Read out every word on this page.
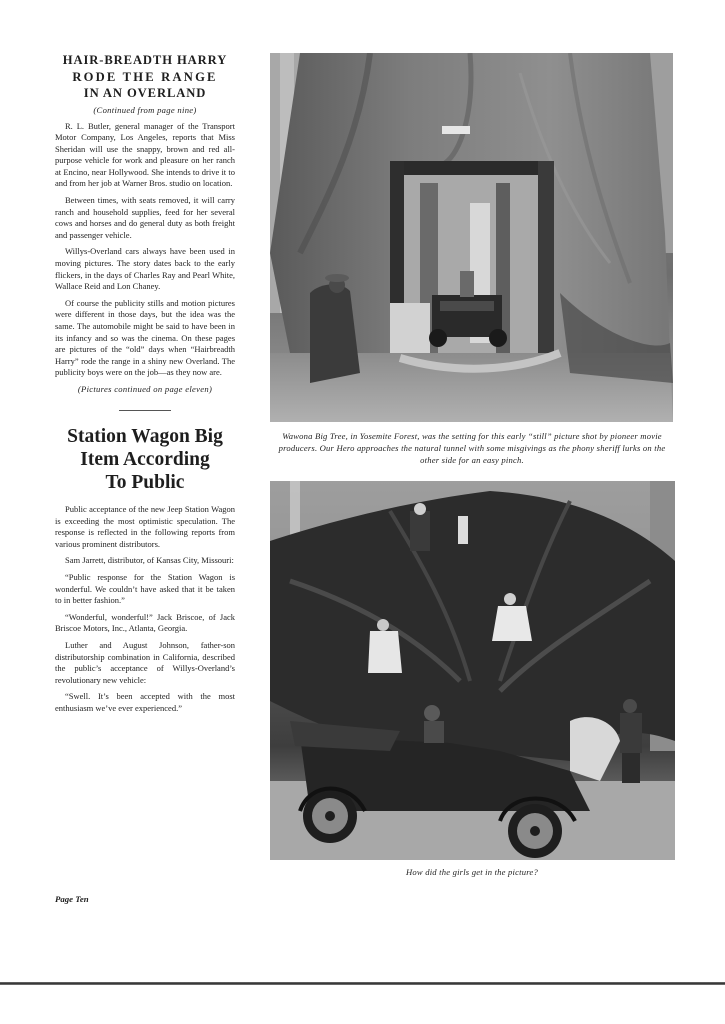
HAIR-BREADTH HARRY
RODE THE RANGE
IN AN OVERLAND
(Continued from page nine)

R. L. Butler, general manager of the Transport Motor Company, Los Angeles, reports that Miss Sheridan will use the snappy, brown and red all-purpose vehicle for work and pleasure on her ranch at Encino, near Hollywood. She intends to drive it to and from her job at Warner Bros. studio on location.

Between times, with seats removed, it will carry ranch and household supplies, feed for her several cows and horses and do general duty as both freight and passenger vehicle.

Willys-Overland cars always have been used in moving pictures. The story dates back to the early flickers, in the days of Charles Ray and Pearl White, Wallace Reid and Lon Chaney.

Of course the publicity stills and motion pictures were different in those days, but the idea was the same. The automobile might be said to have been in its infancy and so was the cinema. On these pages are pictures of the “old” days when “Hairbreadth Harry” rode the range in a shiny new Overland. The publicity boys were on the job—as they now are.

(Pictures continued on page eleven)
Station Wagon Big
Item According
To Public

Public acceptance of the new Jeep Station Wagon is exceeding the most optimistic speculation. The response is reflected in the following reports from various prominent distributors.

Sam Jarrett, distributor, of Kansas City, Missouri:

“Public response for the Station Wagon is wonderful. We couldn’t have asked that it be taken to in better fashion.”

“Wonderful, wonderful!” Jack Briscoe, of Jack Briscoe Motors, Inc., Atlanta, Georgia.

Luther and August Johnson, father-son distributorship combination in California, described the public’s acceptance of Willys-Overland’s revolutionary new vehicle:

“Swell. It’s been accepted with the most enthusiasm we’ve ever experienced.”

Page Ten
Wawona Big Tree, in Yosemite Forest, was the setting for this early “still” picture shot by pioneer movie producers. Our Hero approaches the natural tunnel with some misgivings as the phony sheriff lurks on the other side for an easy pinch.
How did the girls get in the picture?
